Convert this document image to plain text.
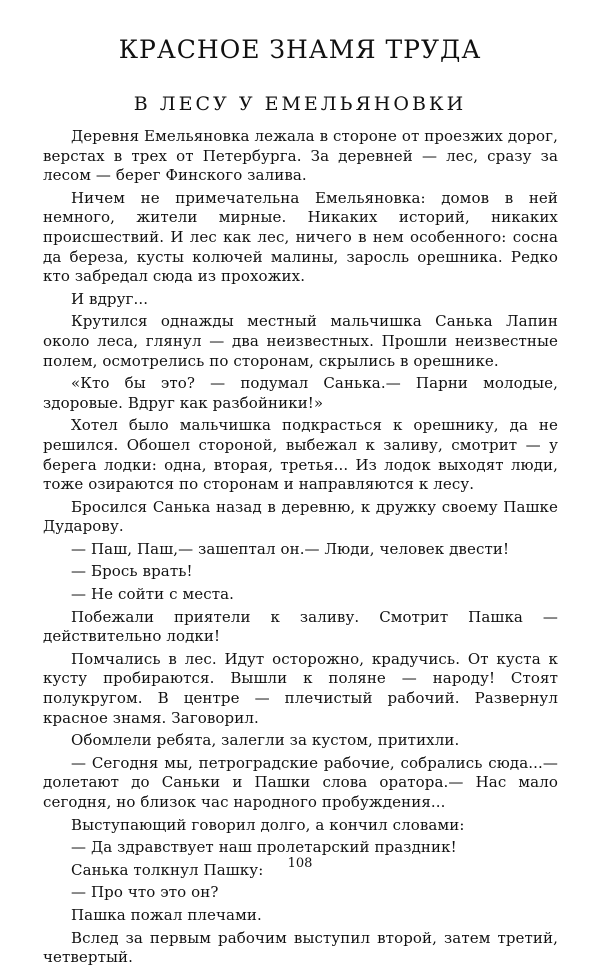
КРАСНОЕ ЗНАМЯ ТРУДА
В ЛЕСУ У ЕМЕЛЬЯНОВКИ

Деревня Емельяновка лежала в стороне от проезжих дорог, верстах в трех от Петербурга. За деревней — лес, сразу за лесом — берег Финского залива.

Ничем не примечательна Емельяновка: домов в ней немного, жители мирные. Никаких историй, никаких происшествий. И лес как лес, ничего в нем особенного: сосна да береза, кусты колючей малины, заросль орешника. Редко кто забредал сюда из прохожих.

И вдруг...

Крутился однажды местный мальчишка Санька Лапин около леса, глянул — два неизвестных. Прошли неизвестные полем, осмотрелись по сторонам, скрылись в орешнике.

«Кто бы это? — подумал Санька.— Парни молодые, здоровые. Вдруг как разбойники!»

Хотел было мальчишка подкрасться к орешнику, да не решился. Обошел стороной, выбежал к заливу, смотрит — у берега лодки: одна, вторая, третья... Из лодок выходят люди, тоже озираются по сторонам и направляются к лесу.

Бросился Санька назад в деревню, к дружку своему Пашке Дударову.

— Паш, Паш,— зашептал он.— Люди, человек двести!

— Брось врать!

— Не сойти с места.

Побежали приятели к заливу. Смотрит Пашка — действительно лодки!

Помчались в лес. Идут осторожно, крадучись. От куста к кусту пробираются. Вышли к поляне — народу! Стоят полукругом. В центре — плечистый рабочий. Развернул красное знамя. Заговорил.

Обомлели ребята, залегли за кустом, притихли.

— Сегодня мы, петроградские рабочие, собрались сюда...— долетают до Саньки и Пашки слова оратора.— Нас мало сегодня, но близок час народного пробуждения...

Выступающий говорил долго, а кончил словами:

— Да здравствует наш пролетарский праздник!

Санька толкнул Пашку:

— Про что это он?

Пашка пожал плечами.

Вслед за первым рабочим выступил второй, затем третий, четвертый.

108
